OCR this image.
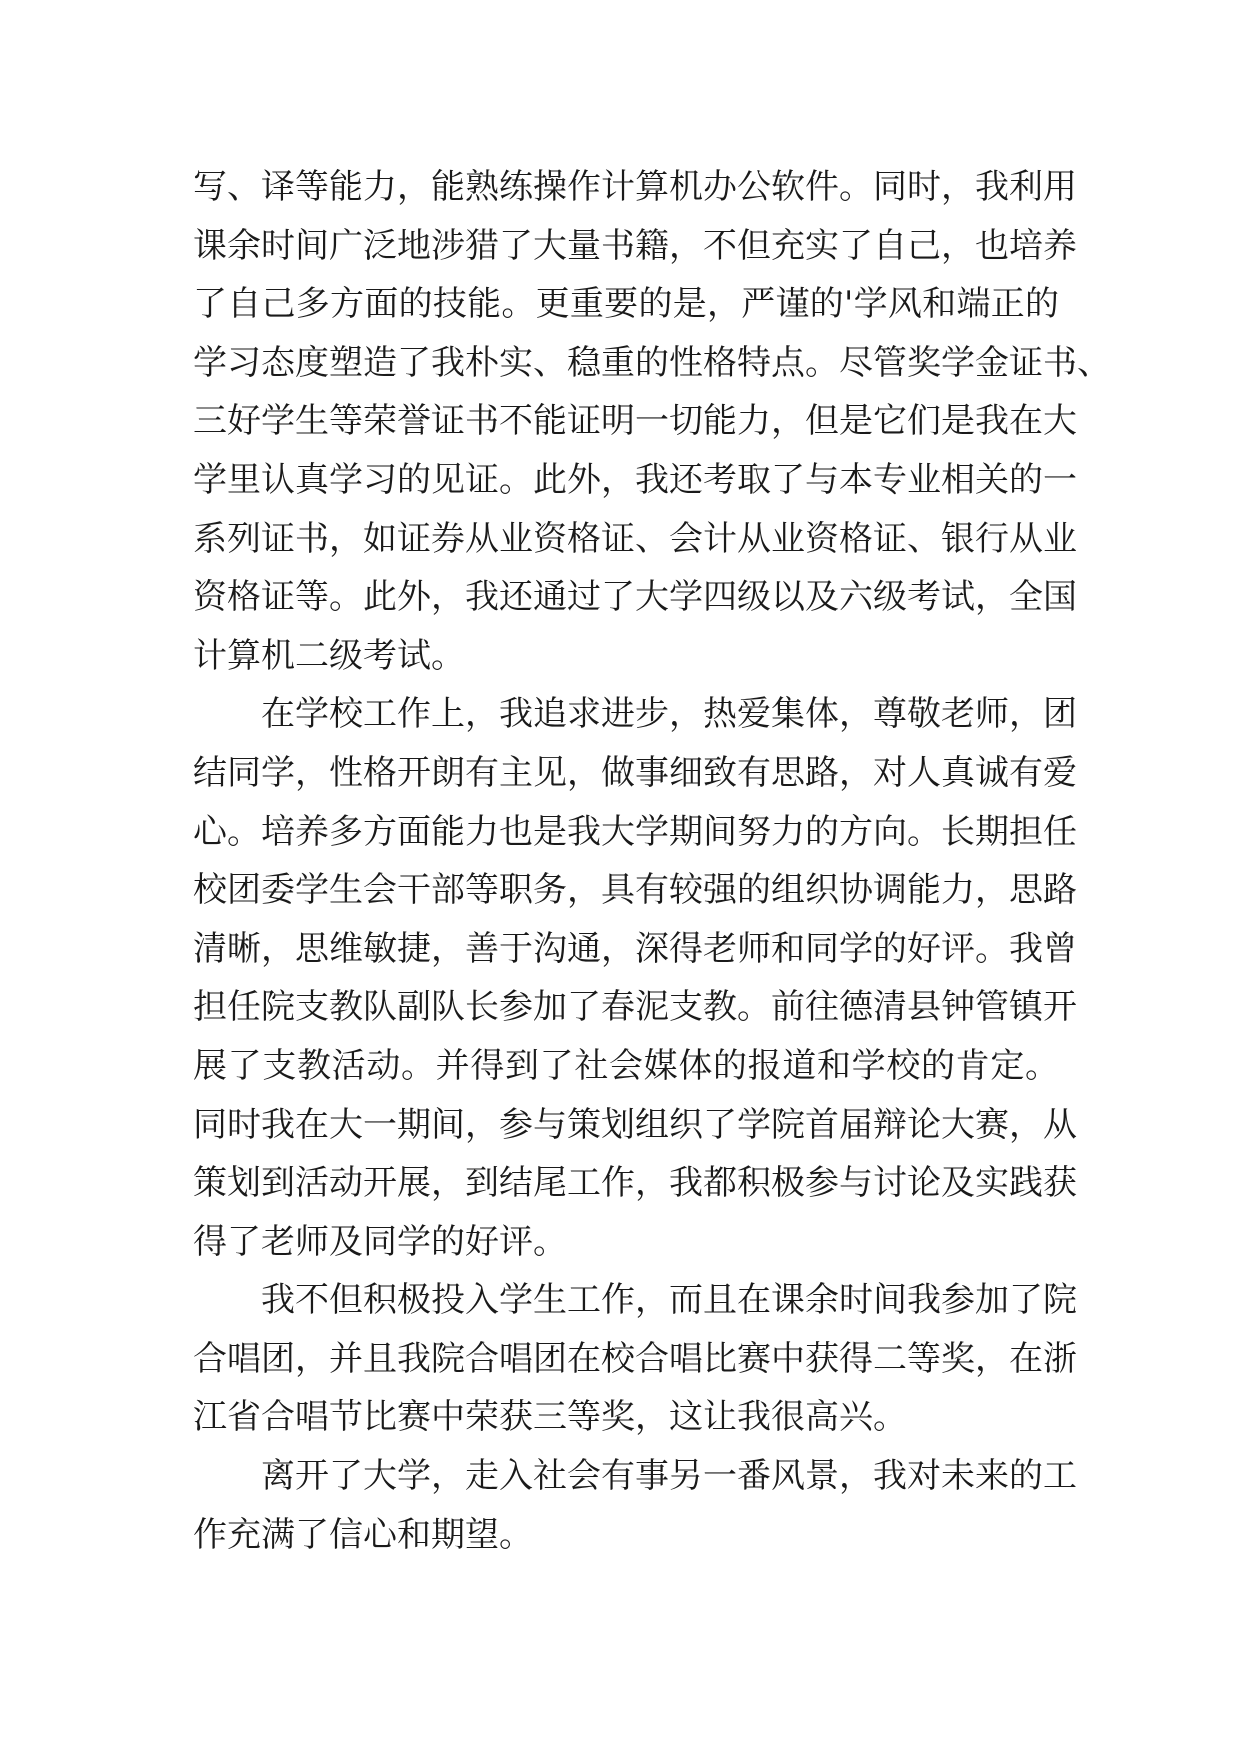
写、译等能力，能熟练操作计算机办公软件。同时，我利用
课余时间广泛地涉猎了大量书籍，不但充实了自己，也培养
了自己多方面的技能。更重要的是，严谨的'学风和端正的
学习态度塑造了我朴实、稳重的性格特点。尽管奖学金证书、
三好学生等荣誉证书不能证明一切能力，但是它们是我在大
学里认真学习的见证。此外，我还考取了与本专业相关的一
系列证书，如证券从业资格证、会计从业资格证、银行从业
资格证等。此外，我还通过了大学四级以及六级考试，全国
计算机二级考试。
在学校工作上，我追求进步，热爱集体，尊敬老师，团
结同学，性格开朗有主见，做事细致有思路，对人真诚有爱
心。培养多方面能力也是我大学期间努力的方向。长期担任
校团委学生会干部等职务，具有较强的组织协调能力，思路
清晰，思维敏捷，善于沟通，深得老师和同学的好评。我曾
担任院支教队副队长参加了春泥支教。前往德清县钟管镇开
展了支教活动。并得到了社会媒体的报道和学校的肯定。
同时我在大一期间，参与策划组织了学院首届辩论大赛，从
策划到活动开展，到结尾工作，我都积极参与讨论及实践获
得了老师及同学的好评。
我不但积极投入学生工作，而且在课余时间我参加了院
合唱团，并且我院合唱团在校合唱比赛中获得二等奖，在浙
江省合唱节比赛中荣获三等奖，这让我很高兴。
离开了大学，走入社会有事另一番风景，我对未来的工
作充满了信心和期望。
